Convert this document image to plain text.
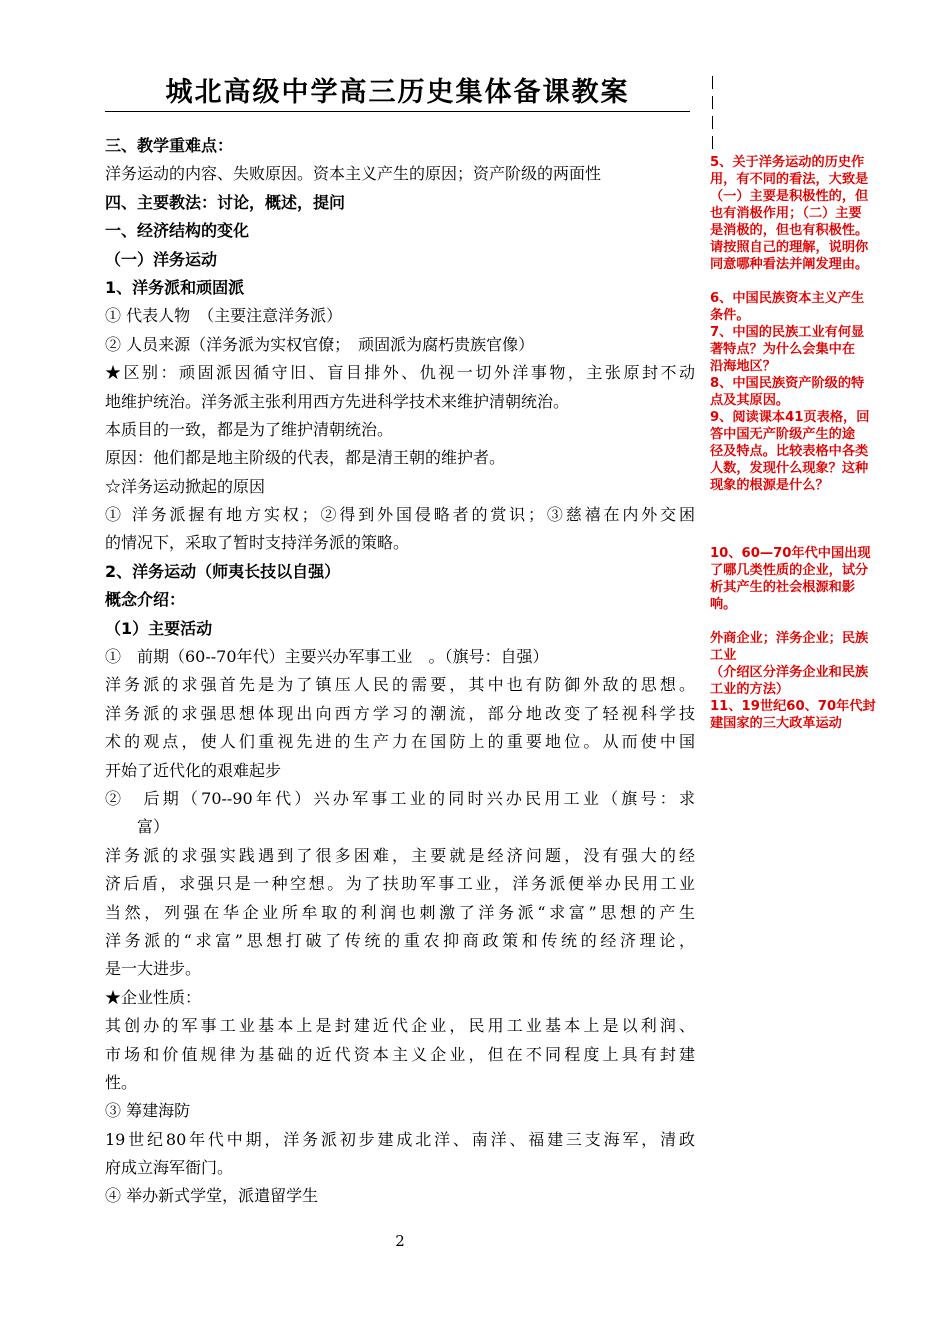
城北高级中学高三历史集体备课教案
三、教学重难点：
洋务运动的内容、失败原因。资本主义产生的原因；资产阶级的两面性
四、主要教法：讨论，概述，提问
一、经济结构的变化
（一）洋务运动
1、洋务派和顽固派
① 代表人物　（主要注意洋务派）
② 人员来源（洋务派为实权官僚；　顽固派为腐朽贵族官像）
★区别：顽固派因循守旧、盲目排外、仇视一切外洋事物，主张原封不动
地维护统治。洋务派主张利用西方先进科学技术来维护清朝统治。
本质目的一致，都是为了维护清朝统治。
原因：他们都是地主阶级的代表，都是清王朝的维护者。
☆洋务运动掀起的原因
① 洋务派握有地方实权；②得到外国侵略者的赏识；③慈禧在内外交困
的情况下，采取了暂时支持洋务派的策略。
2、洋务运动（师夷长技以自强）
概念介绍：
（1）主要活动
①　前期（60--70年代）主要兴办军事工业　。（旗号：自强）
洋务派的求强首先是为了镇压人民的需要，其中也有防御外敌的思想。
洋务派的求强思想体现出向西方学习的潮流，部分地改变了轻视科学技
术的观点，使人们重视先进的生产力在国防上的重要地位。从而使中国
开始了近代化的艰难起步
②　后期（70--90年代）兴办军事工业的同时兴办民用工业（旗号：求
富）
洋务派的求强实践遇到了很多困难，主要就是经济问题，没有强大的经
济后盾，求强只是一种空想。为了扶助军事工业，洋务派便举办民用工业
当然，列强在华企业所牟取的利润也刺激了洋务派“求富”思想的产生
洋务派的“求富”思想打破了传统的重农抑商政策和传统的经济理论，
是一大进步。
★企业性质：
其创办的军事工业基本上是封建近代企业，民用工业基本上是以利润、
市场和价值规律为基础的近代资本主义企业，但在不同程度上具有封建
性。
③ 筹建海防
19世纪80年代中期，洋务派初步建成北洋、南洋、福建三支海军，清政
府成立海军衙门。
④ 举办新式学堂，派遣留学生
5、关于洋务运动的历史作
用，有不同的看法，大致是
（一）主要是积极性的，但
也有消极作用；（二）主要
是消极的，但也有积极性。
请按照自己的理解，说明你
同意哪种看法并阐发理由。
6、中国民族资本主义产生
条件。
7、中国的民族工业有何显
著特点？为什么会集中在
沿海地区？
8、中国民族资产阶级的特
点及其原因。
9、阅读课本41页表格，回
答中国无产阶级产生的途
径及特点。比较表格中各类
人数，发现什么现象？这种
现象的根源是什么？
10、60—70年代中国出现
了哪几类性质的企业，试分
析其产生的社会根源和影
响。
外商企业；洋务企业；民族
工业
（介绍区分洋务企业和民族
工业的方法）
11、19世纪60、70年代封
建国家的三大政革运动
2
